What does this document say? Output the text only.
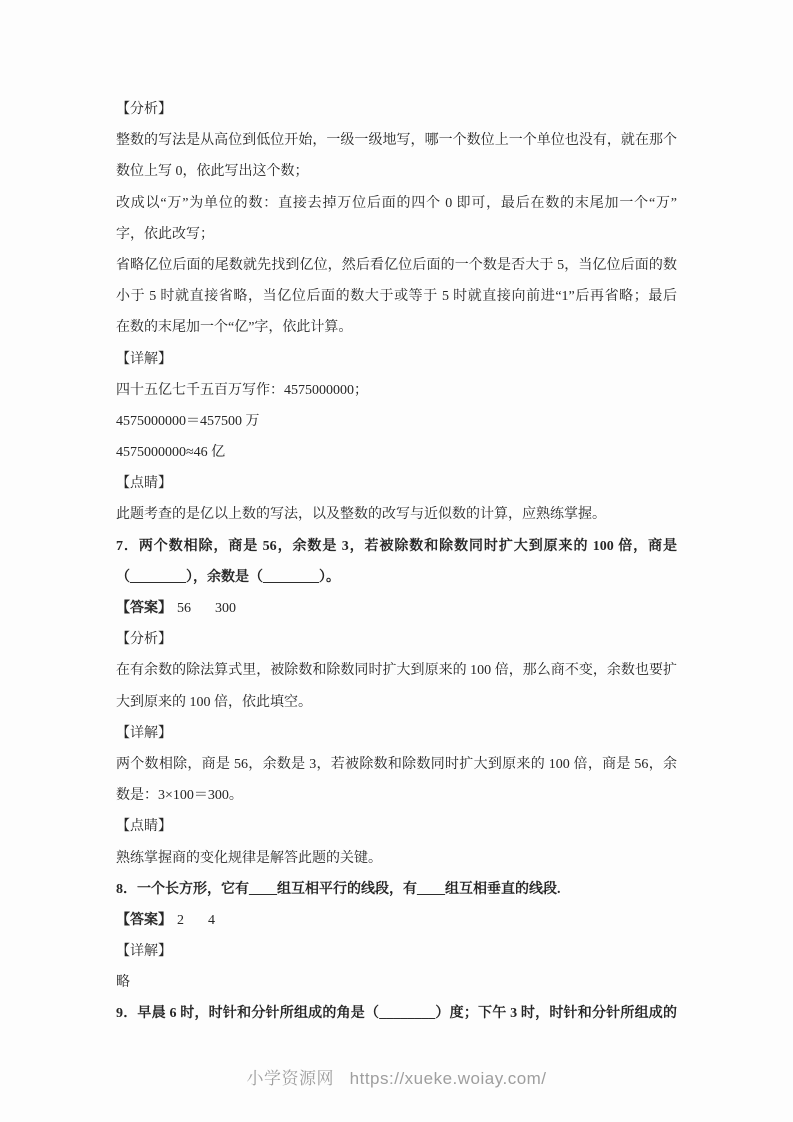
【分析】
整数的写法是从高位到低位开始，一级一级地写，哪一个数位上一个单位也没有，就在那个
数位上写 0，依此写出这个数；
改成以“万”为单位的数：直接去掉万位后面的四个 0 即可，最后在数的末尾加一个“万”
字，依此改写；
省略亿位后面的尾数就先找到亿位，然后看亿位后面的一个数是否大于 5，当亿位后面的数
小于 5 时就直接省略，当亿位后面的数大于或等于 5 时就直接向前进“1”后再省略；最后
在数的末尾加一个“亿”字，依此计算。
【详解】
四十五亿七千五百万写作：4575000000；
4575000000＝457500 万
4575000000≈46 亿
【点睛】
此题考查的是亿以上数的写法，以及整数的改写与近似数的计算，应熟练掌握。
7．两个数相除，商是 56，余数是 3，若被除数和除数同时扩大到原来的 100 倍，商是
（________），余数是（________）。
【答案】 56 300
【分析】
在有余数的除法算式里，被除数和除数同时扩大到原来的 100 倍，那么商不变，余数也要扩
大到原来的 100 倍，依此填空。
【详解】
两个数相除，商是 56，余数是 3，若被除数和除数同时扩大到原来的 100 倍，商是 56，余
数是：3×100＝300。
【点睛】
熟练掌握商的变化规律是解答此题的关键。
8．一个长方形，它有____组互相平行的线段，有____组互相垂直的线段.
【答案】 2 4
【详解】
略
9．早晨 6 时，时针和分针所组成的角是（________）度；下午 3 时，时针和分针所组成的
小学资源网 https://xueke.woiay.com/
